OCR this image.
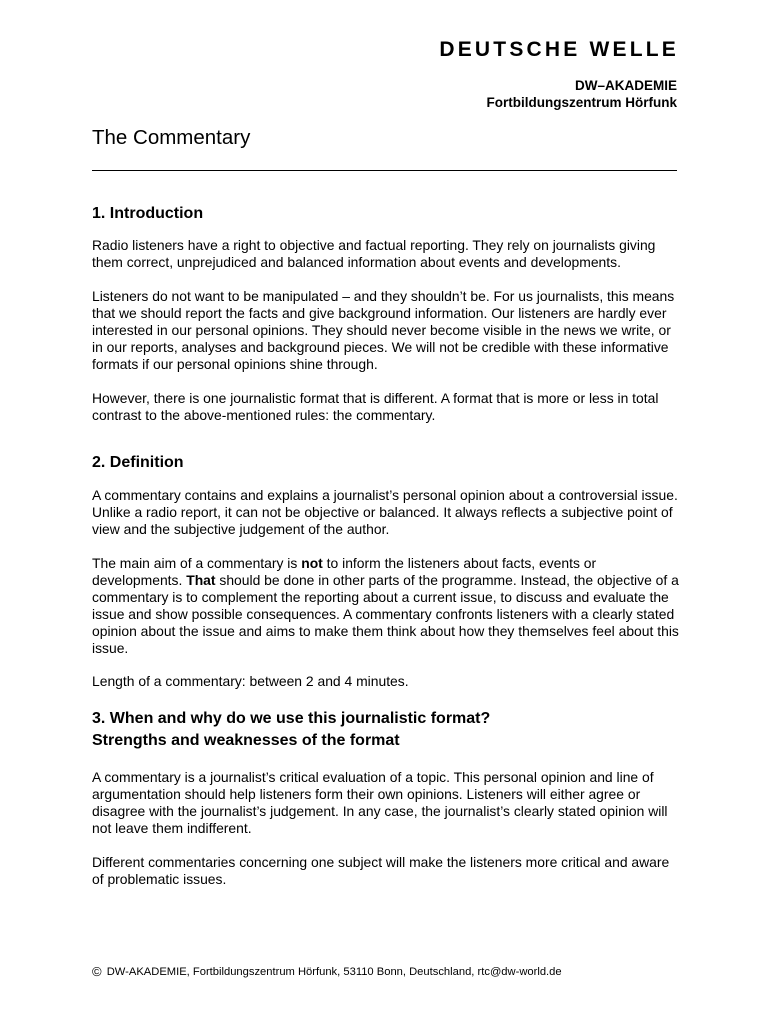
DEUTSCHE WELLE
DW–AKADEMIE
Fortbildungszentrum Hörfunk
The Commentary
1. Introduction

Radio listeners have a right to objective and factual reporting. They rely on journalists giving them correct, unprejudiced and balanced information about events and developments.

Listeners do not want to be manipulated – and they shouldn’t be. For us journalists, this means that we should report the facts and give background information. Our listeners are hardly ever interested in our personal opinions. They should never become visible in the news we write, or in our reports, analyses and background pieces. We will not be credible with these informative formats if our personal opinions shine through.

However, there is one journalistic format that is different. A format that is more or less in total contrast to the above-mentioned rules: the commentary.

2. Definition

A commentary contains and explains a journalist’s personal opinion about a controversial issue. Unlike a radio report, it can not be objective or balanced. It always reflects a subjective point of view and the subjective judgement of the author.

The main aim of a commentary is not to inform the listeners about facts, events or developments. That should be done in other parts of the programme. Instead, the objective of a commentary is to complement the reporting about a current issue, to discuss and evaluate the issue and show possible consequences. A commentary confronts listeners with a clearly stated opinion about the issue and aims to make them think about how they themselves feel about this issue.

Length of a commentary: between 2 and 4 minutes.

3. When and why do we use this journalistic format?
Strengths and weaknesses of the format

A commentary is a journalist’s critical evaluation of a topic. This personal opinion and line of argumentation should help listeners form their own opinions. Listeners will either agree or disagree with the journalist’s judgement. In any case, the journalist’s clearly stated opinion will not leave them indifferent.

Different commentaries concerning one subject will make the listeners more critical and aware of problematic issues.

© DW-AKADEMIE, Fortbildungszentrum Hörfunk, 53110 Bonn, Deutschland, rtc@dw-world.de
